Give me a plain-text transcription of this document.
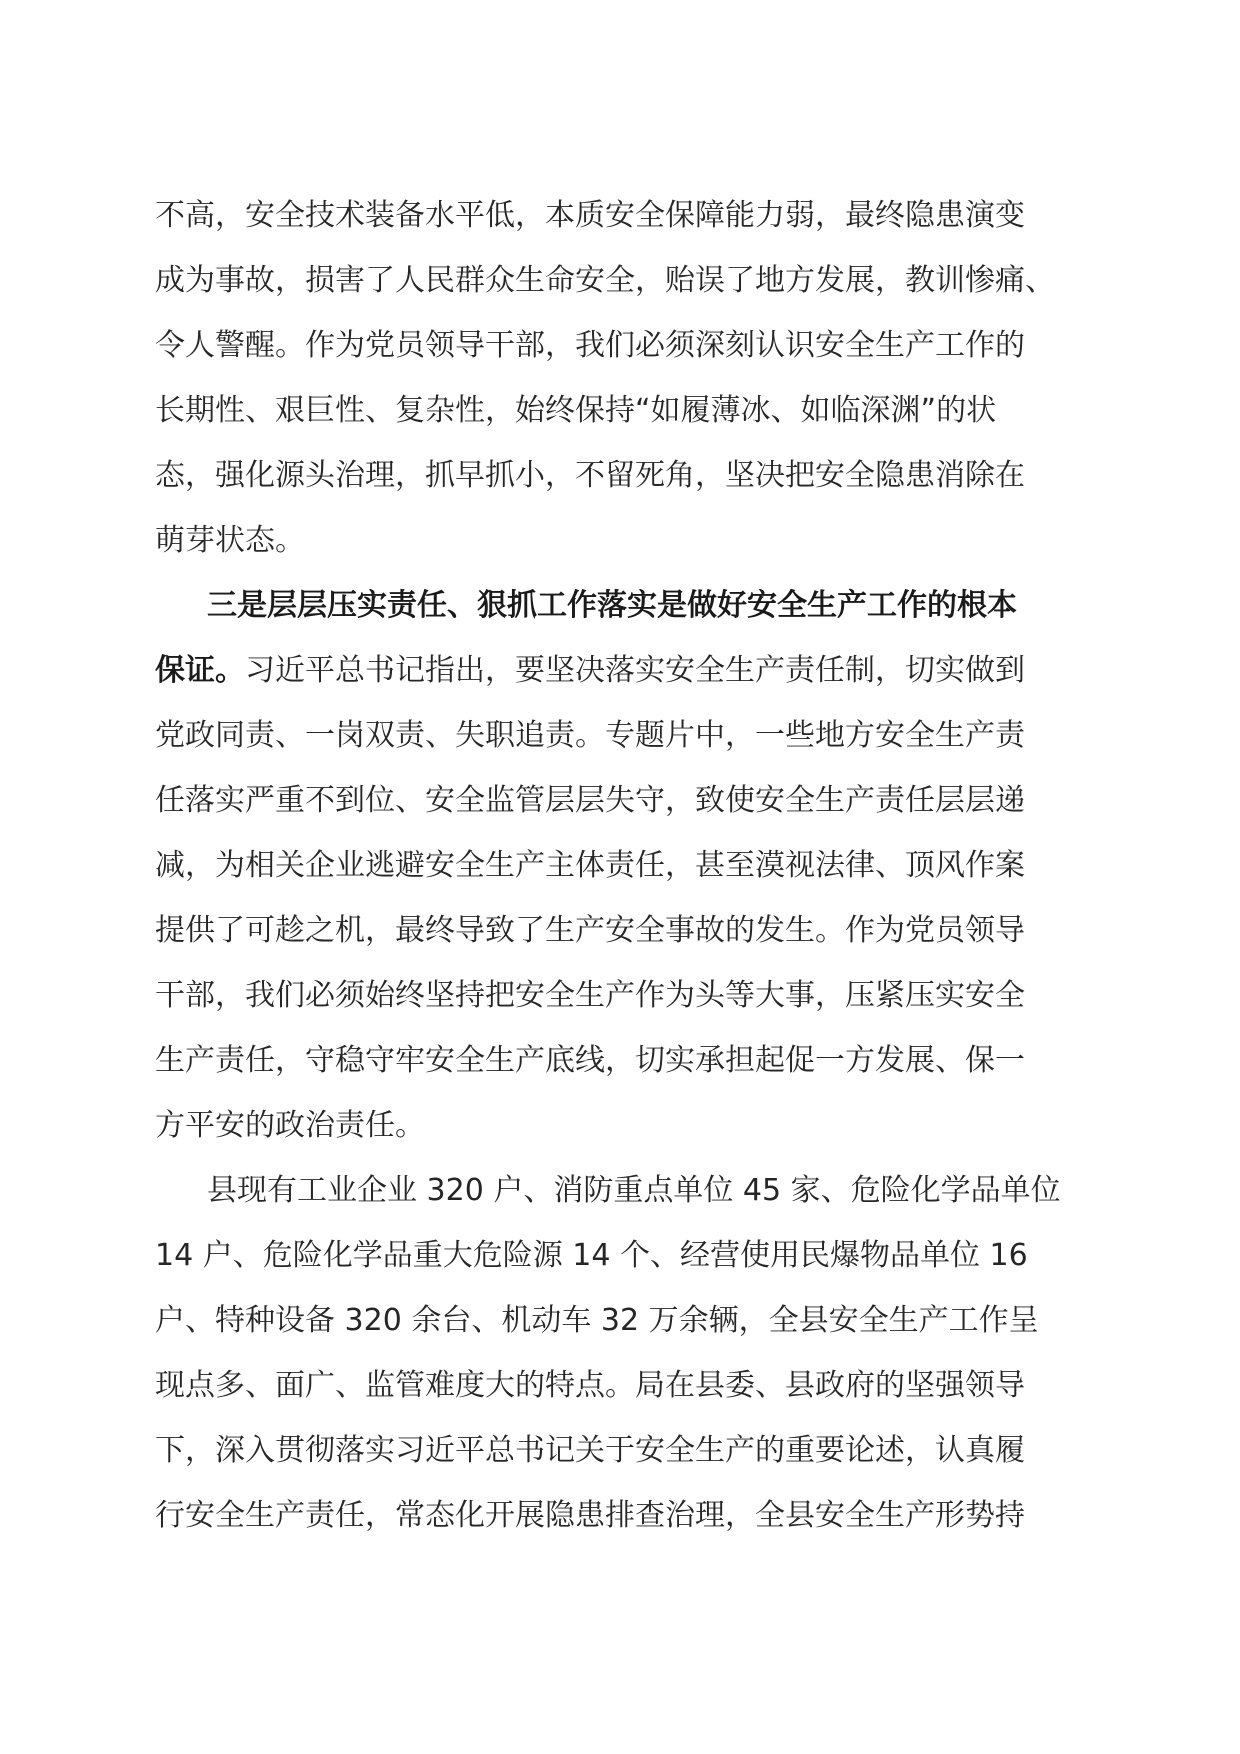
不高，安全技术装备水平低，本质安全保障能力弱，最终隐患演变
成为事故，损害了人民群众生命安全，贻误了地方发展，教训惨痛、
令人警醒。作为党员领导干部，我们必须深刻认识安全生产工作的
长期性、艰巨性、复杂性，始终保持“如履薄冰、如临深渊”的状
态，强化源头治理，抓早抓小，不留死角，坚决把安全隐患消除在
萌芽状态。
三是层层压实责任、狠抓工作落实是做好安全生产工作的根本
保证。习近平总书记指出，要坚决落实安全生产责任制，切实做到
党政同责、一岗双责、失职追责。专题片中，一些地方安全生产责
任落实严重不到位、安全监管层层失守，致使安全生产责任层层递
减，为相关企业逃避安全生产主体责任，甚至漠视法律、顶风作案
提供了可趁之机，最终导致了生产安全事故的发生。作为党员领导
干部，我们必须始终坚持把安全生产作为头等大事，压紧压实安全
生产责任，守稳守牢安全生产底线，切实承担起促一方发展、保一
方平安的政治责任。
县现有工业企业 320 户、消防重点单位 45 家、危险化学品单位
14 户、危险化学品重大危险源 14 个、经营使用民爆物品单位 16
户、特种设备 320 余台、机动车 32 万余辆，全县安全生产工作呈
现点多、面广、监管难度大的特点。局在县委、县政府的坚强领导
下，深入贯彻落实习近平总书记关于安全生产的重要论述，认真履
行安全生产责任，常态化开展隐患排查治理，全县安全生产形势持
